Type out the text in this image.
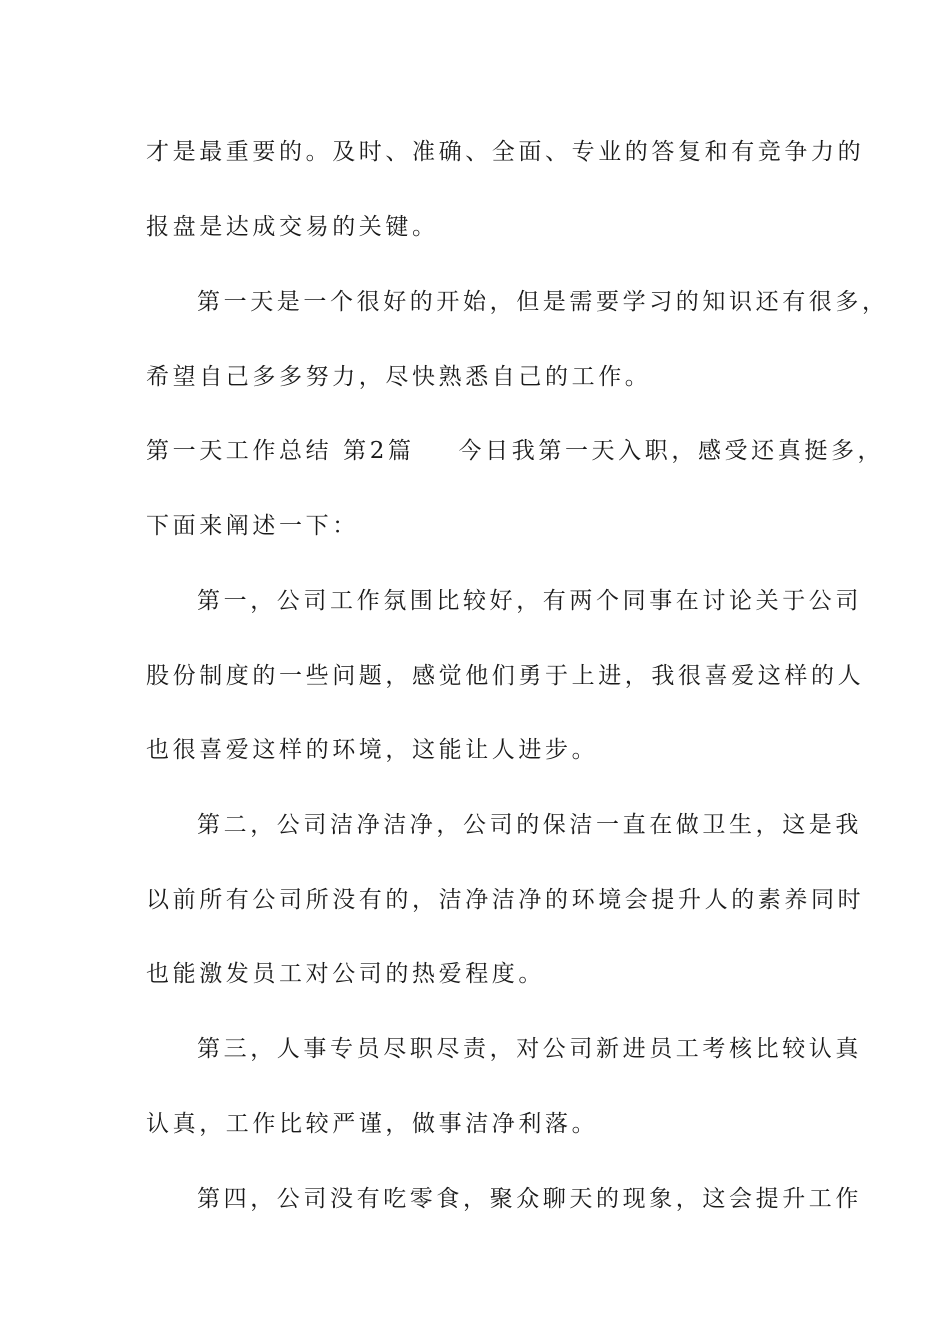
才是最重要的。及时、准确、全面、专业的答复和有竞争力的

报盘是达成交易的关键。

第一天是一个很好的开始，但是需要学习的知识还有很多，

希望自己多多努力，尽快熟悉自己的工作。

第一天工作总结 第2篇 今日我第一天入职，感受还真挺多，

下面来阐述一下：

第一，公司工作氛围比较好，有两个同事在讨论关于公司

股份制度的一些问题，感觉他们勇于上进，我很喜爱这样的人

也很喜爱这样的环境，这能让人进步。

第二，公司洁净洁净，公司的保洁一直在做卫生，这是我

以前所有公司所没有的，洁净洁净的环境会提升人的素养同时

也能激发员工对公司的热爱程度。

第三，人事专员尽职尽责，对公司新进员工考核比较认真

认真，工作比较严谨，做事洁净利落。

第四，公司没有吃零食，聚众聊天的现象，这会提升工作
